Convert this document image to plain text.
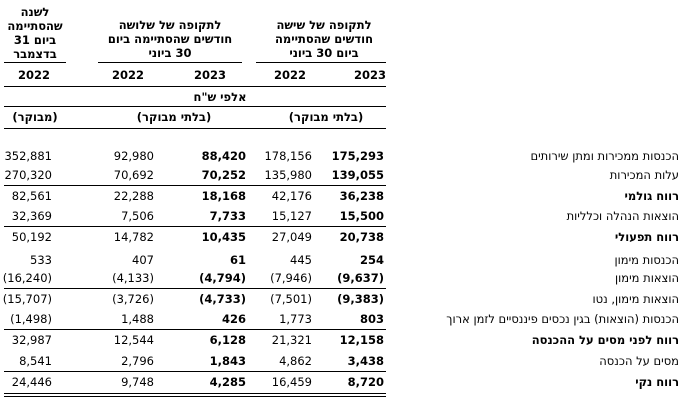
לתקופה של שישה חודשים שהסתיימה ביום 30 ביוני
לתקופה של שלושה חודשים שהסתיימה ביום 30 ביוני
לשנה שהסתיימה ביום 31 בדצמבר
2023
2022
2023
2022
2022
אלפי ש"ח
(בלתי מבוקר)
(בלתי מבוקר)
(מבוקר)
הכנסות ממכירות ומתן שירותים
175,293
178,156
88,420
92,980
352,881
עלות המכירות
139,055
135,980
70,252
70,692
270,320
רווח גולמי
36,238
42,176
18,168
22,288
82,561
הוצאות הנהלה וכלליות
15,500
15,127
7,733
7,506
32,369
רווח תפעולי
20,738
27,049
10,435
14,782
50,192
הכנסות מימון
254
445
61
407
533
הוצאות מימון
(9,637)
(7,946)
(4,794)
(4,133)
(16,240)
הוצאות מימון, נטו
(9,383)
(7,501)
(4,733)
(3,726)
(15,707)
הכנסות (הוצאות) בגין נכסים פיננסיים לזמן ארוך
803
1,773
426
1,488
(1,498)
רווח לפני מסים על ההכנסה
12,158
21,321
6,128
12,544
32,987
מסים על הכנסה
3,438
4,862
1,843
2,796
8,541
רווח נקי
8,720
16,459
4,285
9,748
24,446
